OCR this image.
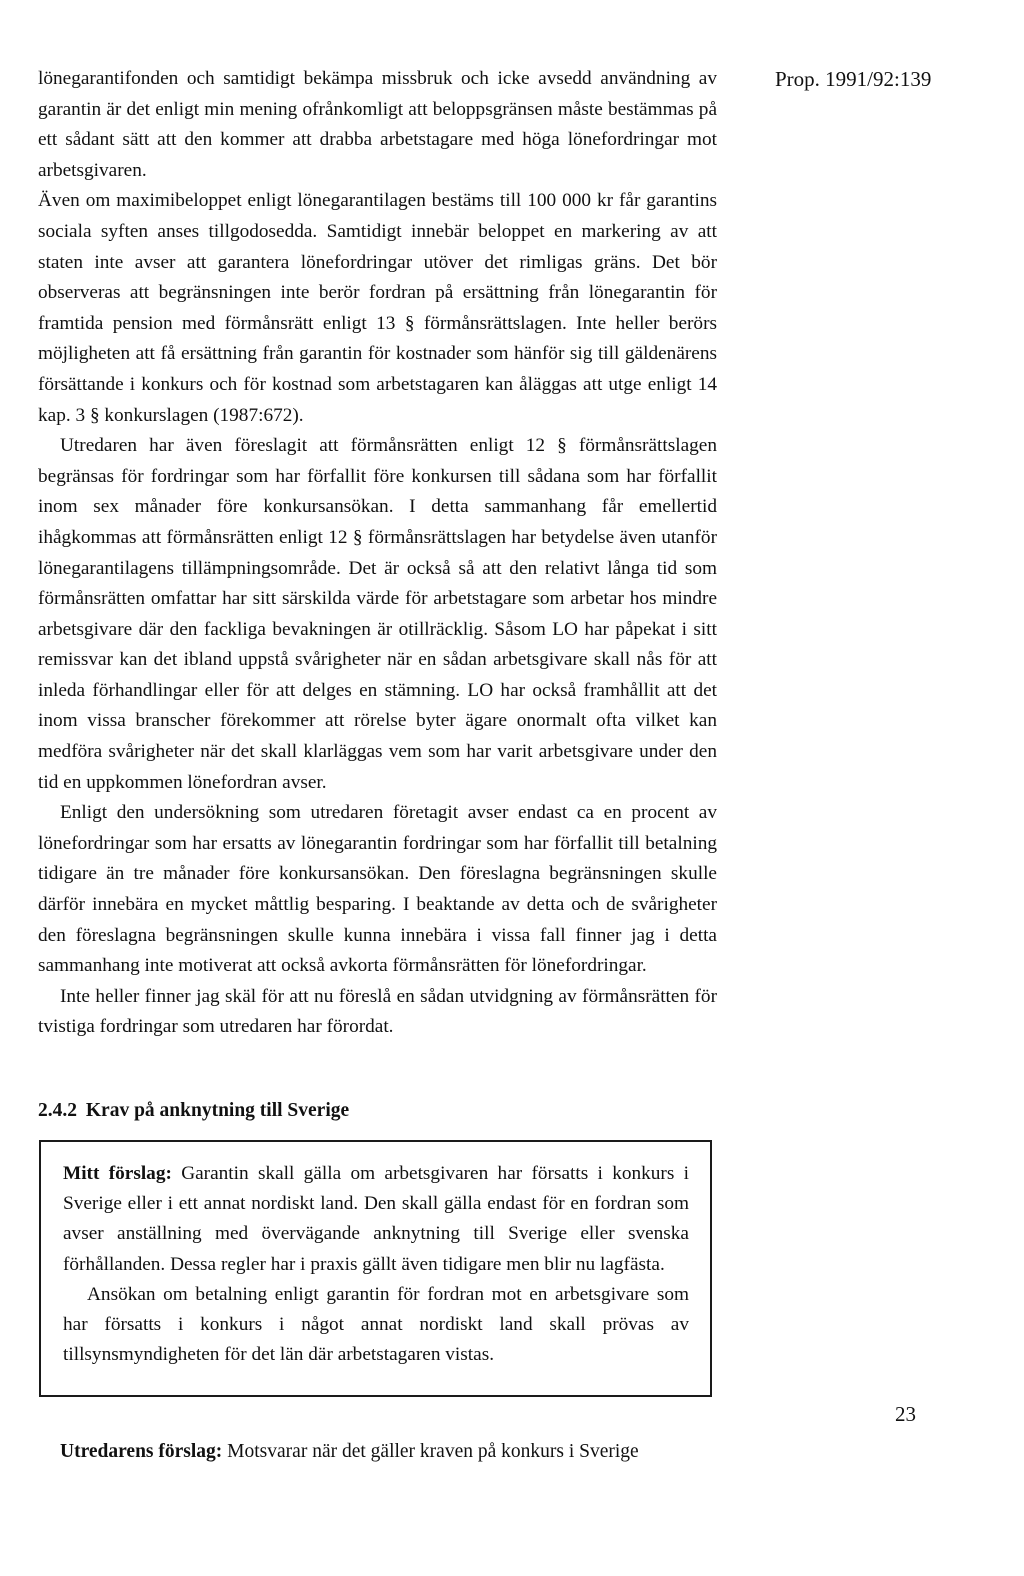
Prop. 1991/92:139

lönegarantifonden och samtidigt bekämpa missbruk och icke avsedd användning av garantin är det enligt min mening ofrånkomligt att beloppsgränsen måste bestämmas på ett sådant sätt att den kommer att drabba arbetstagare med höga lönefordringar mot arbetsgivaren.

Även om maximibeloppet enligt lönegarantilagen bestäms till 100 000 kr får garantins sociala syften anses tillgodosedda. Samtidigt innebär beloppet en markering av att staten inte avser att garantera lönefordringar utöver det rimligas gräns. Det bör observeras att begränsningen inte berör fordran på ersättning från lönegarantin för framtida pension med förmånsrätt enligt 13 § förmånsrättslagen. Inte heller berörs möjligheten att få ersättning från garantin för kostnader som hänför sig till gäldenärens försättande i konkurs och för kostnad som arbetstagaren kan åläggas att utge enligt 14 kap. 3 § konkurslagen (1987:672).

Utredaren har även föreslagit att förmånsrätten enligt 12 § förmånsrättslagen begränsas för fordringar som har förfallit före konkursen till sådana som har förfallit inom sex månader före konkursansökan. I detta sammanhang får emellertid ihågkommas att förmånsrätten enligt 12 § förmånsrättslagen har betydelse även utanför lönegarantilagens tillämpningsområde. Det är också så att den relativt långa tid som förmånsrätten omfattar har sitt särskilda värde för arbetstagare som arbetar hos mindre arbetsgivare där den fackliga bevakningen är otillräcklig. Såsom LO har påpekat i sitt remissvar kan det ibland uppstå svårigheter när en sådan arbetsgivare skall nås för att inleda förhandlingar eller för att delges en stämning. LO har också framhållit att det inom vissa branscher förekommer att rörelse byter ägare onormalt ofta vilket kan medföra svårigheter när det skall klarläggas vem som har varit arbetsgivare under den tid en uppkommen lönefordran avser.

Enligt den undersökning som utredaren företagit avser endast ca en procent av lönefordringar som har ersatts av lönegarantin fordringar som har förfallit till betalning tidigare än tre månader före konkursansökan. Den föreslagna begränsningen skulle därför innebära en mycket måttlig besparing. I beaktande av detta och de svårigheter den föreslagna begränsningen skulle kunna innebära i vissa fall finner jag i detta sammanhang inte motiverat att också avkorta förmånsrätten för lönefordringar.

Inte heller finner jag skäl för att nu föreslå en sådan utvidgning av förmånsrätten för tvistiga fordringar som utredaren har förordat.

2.4.2 Krav på anknytning till Sverige

Mitt förslag: Garantin skall gälla om arbetsgivaren har försatts i konkurs i Sverige eller i ett annat nordiskt land. Den skall gälla endast för en fordran som avser anställning med övervägande anknytning till Sverige eller svenska förhållanden. Dessa regler har i praxis gällt även tidigare men blir nu lagfästa.

Ansökan om betalning enligt garantin för fordran mot en arbetsgivare som har försatts i konkurs i något annat nordiskt land skall prövas av tillsynsmyndigheten för det län där arbetstagaren vistas.

23
Utredarens förslag: Motsvarar när det gäller kraven på konkurs i Sverige
